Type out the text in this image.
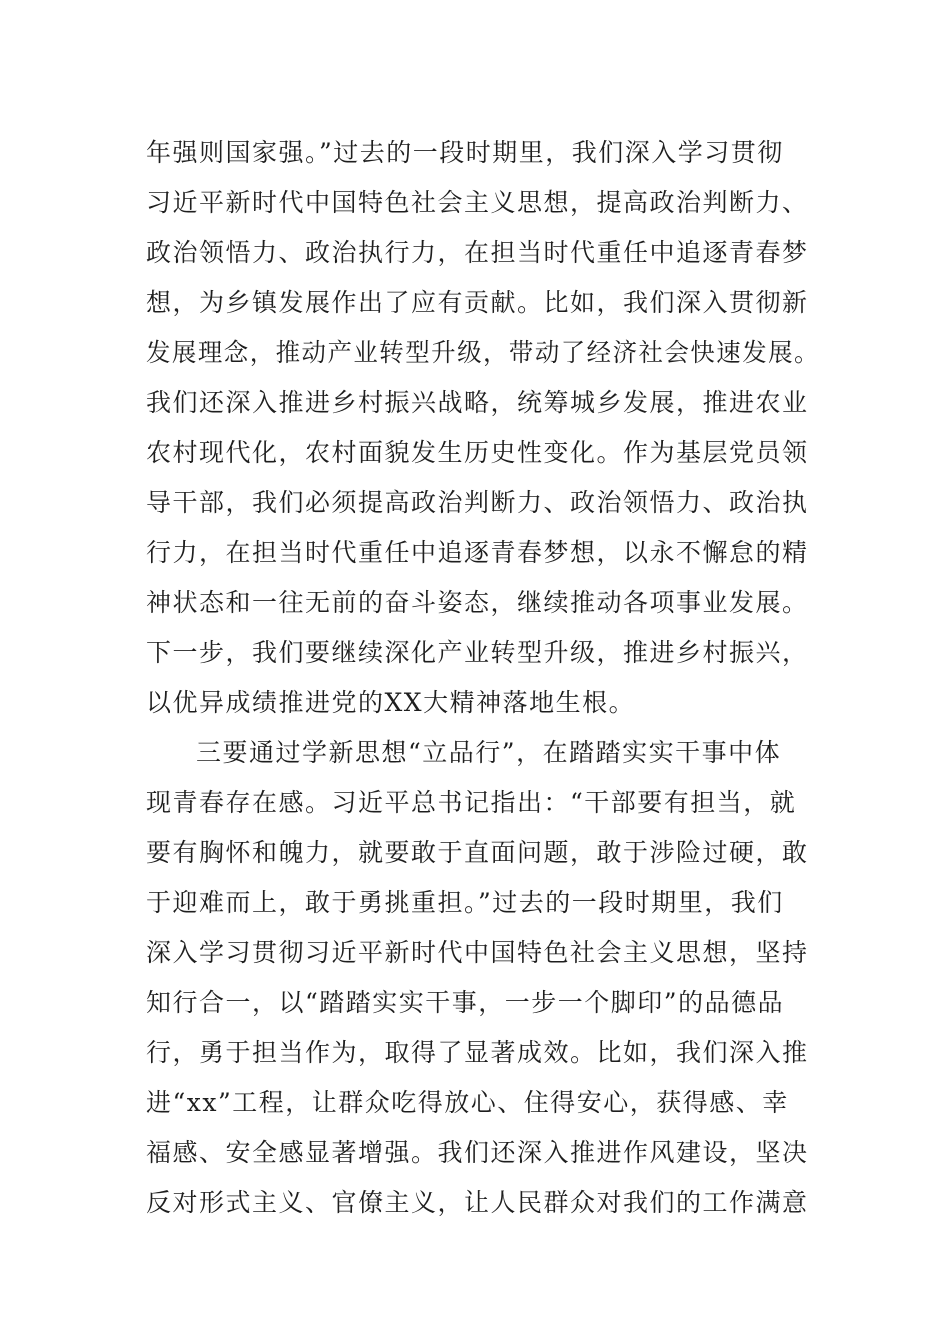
年强则国家强。”过去的一段时期里，我们深入学习贯彻
习近平新时代中国特色社会主义思想，提高政治判断力、
政治领悟力、政治执行力，在担当时代重任中追逐青春梦
想，为乡镇发展作出了应有贡献。比如，我们深入贯彻新
发展理念，推动产业转型升级，带动了经济社会快速发展。
我们还深入推进乡村振兴战略，统筹城乡发展，推进农业
农村现代化，农村面貌发生历史性变化。作为基层党员领
导干部，我们必须提高政治判断力、政治领悟力、政治执
行力，在担当时代重任中追逐青春梦想，以永不懈怠的精
神状态和一往无前的奋斗姿态，继续推动各项事业发展。
下一步，我们要继续深化产业转型升级，推进乡村振兴，
以优异成绩推进党的XX大精神落地生根。
三要通过学新思想“立品行”，在踏踏实实干事中体
现青春存在感。习近平总书记指出：“干部要有担当，就
要有胸怀和魄力，就要敢于直面问题，敢于涉险过硬，敢
于迎难而上，敢于勇挑重担。”过去的一段时期里，我们
深入学习贯彻习近平新时代中国特色社会主义思想，坚持
知行合一，以“踏踏实实干事，一步一个脚印”的品德品
行，勇于担当作为，取得了显著成效。比如，我们深入推
进“xx”工程，让群众吃得放心、住得安心，获得感、幸
福感、安全感显著增强。我们还深入推进作风建设，坚决
反对形式主义、官僚主义，让人民群众对我们的工作满意
